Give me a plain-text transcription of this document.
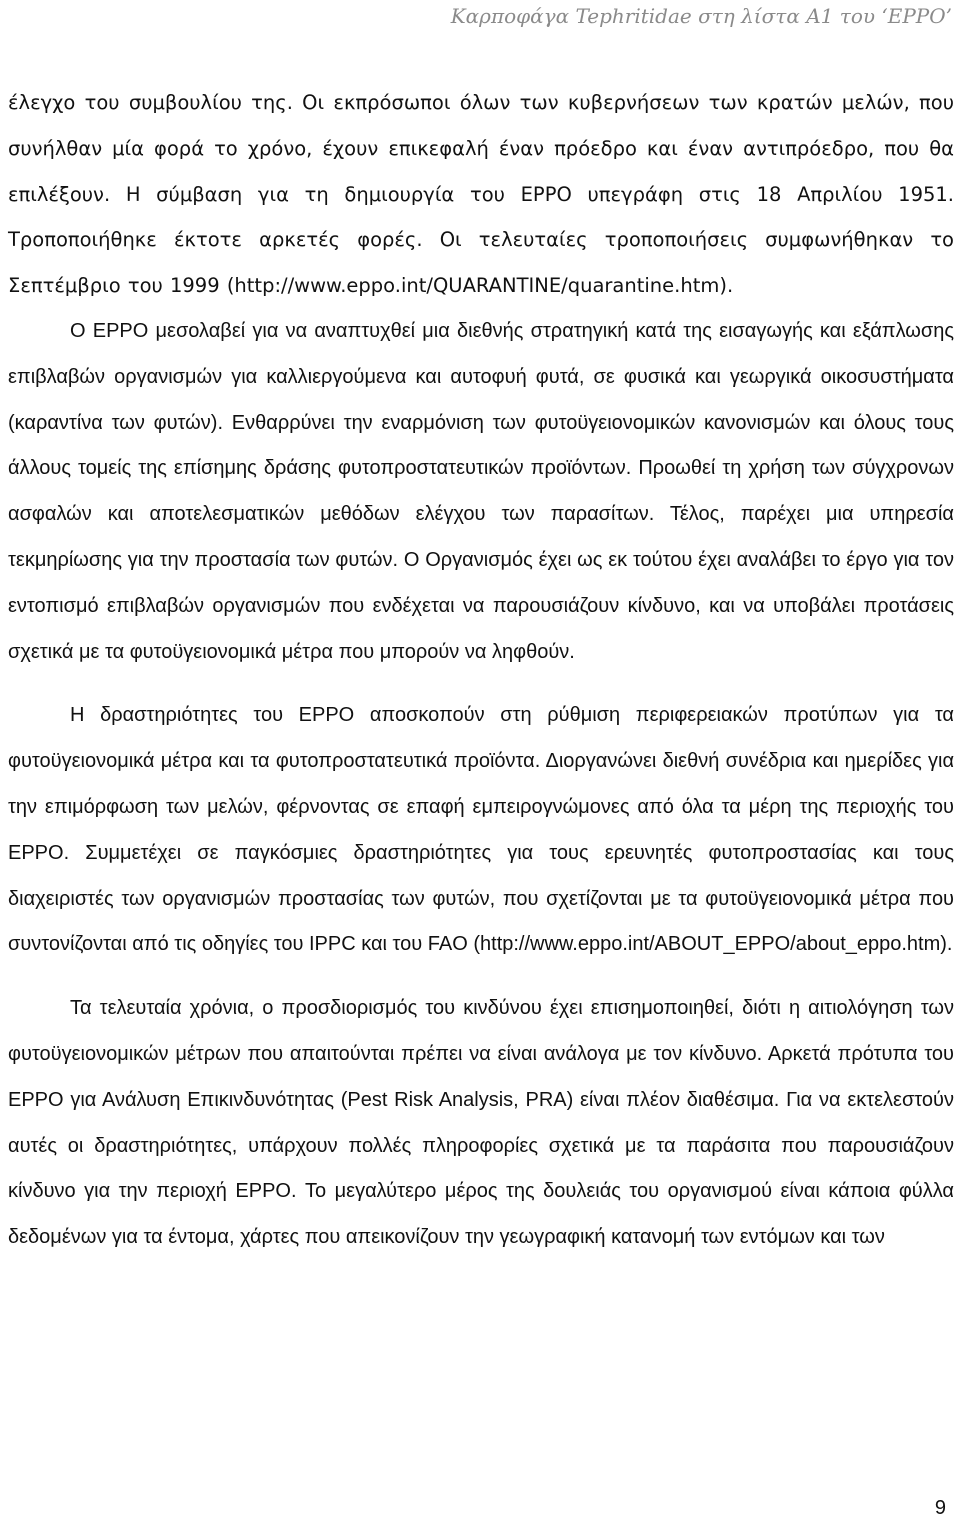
Καρποφάγα Tephritidae στη λίστα Α1 του ‘EPPO’

έλεγχο του συμβουλίου της. Οι εκπρόσωποι όλων των κυβερνήσεων των κρατών μελών, που συνήλθαν μία φορά το χρόνο, έχουν επικεφαλή έναν πρόεδρο και έναν αντιπρόεδρο, που θα επιλέξουν. Η σύμβαση για τη δημιουργία του EPPO υπεγράφη στις 18 Απριλίου 1951. Τροποποιήθηκε έκτοτε αρκετές φορές. Οι τελευταίες τροποποιήσεις συμφωνήθηκαν το Σεπτέμβριο του 1999 (http://www.eppo.int/QUARANTINE/quarantine.htm).

Ο EPPO μεσολαβεί για να αναπτυχθεί μια διεθνής στρατηγική κατά της εισαγωγής και εξάπλωσης επιβλαβών οργανισμών για καλλιεργούμενα και αυτοφυή φυτά, σε φυσικά και γεωργικά οικοσυστήματα (καραντίνα των φυτών). Ενθαρρύνει την εναρμόνιση των φυτοϋγειονομικών κανονισμών και όλους τους άλλους τομείς της επίσημης δράσης φυτοπροστατευτικών προϊόντων. Προωθεί τη χρήση των σύγχρονων ασφαλών και αποτελεσματικών μεθόδων ελέγχου των παρασίτων. Τέλος, παρέχει μια υπηρεσία τεκμηρίωσης για την προστασία των φυτών. Ο Οργανισμός έχει ως εκ τούτου έχει αναλάβει το έργο για τον εντοπισμό επιβλαβών οργανισμών που ενδέχεται να παρουσιάζουν κίνδυνο, και να υποβάλει προτάσεις σχετικά με τα φυτοϋγειονομικά μέτρα που μπορούν να ληφθούν.

Η δραστηριότητες του EPPO αποσκοπούν στη ρύθμιση περιφερειακών προτύπων για τα φυτοϋγειονομικά μέτρα και τα φυτοπροστατευτικά προϊόντα. Διοργανώνει διεθνή συνέδρια και ημερίδες για την επιμόρφωση των μελών, φέρνοντας σε επαφή εμπειρογνώμονες από όλα τα μέρη της περιοχής του EPPO. Συμμετέχει σε παγκόσμιες δραστηριότητες για τους ερευνητές φυτοπροστασίας και τους διαχειριστές των οργανισμών προστασίας των φυτών, που σχετίζονται με τα φυτοϋγειονομικά μέτρα που συντονίζονται από τις οδηγίες του IPPC και του FAO (http://www.eppo.int/ABOUT_EPPO/about_eppo.htm).

Τα τελευταία χρόνια, ο προσδιορισμός του κινδύνου έχει επισημοποιηθεί, διότι η αιτιολόγηση των φυτοϋγειονομικών μέτρων που απαιτούνται πρέπει να είναι ανάλογα με τον κίνδυνο. Αρκετά πρότυπα του EPPO για Ανάλυση Επικινδυνότητας (Pest Risk Analysis, PRA) είναι πλέον διαθέσιμα. Για να εκτελεστούν αυτές οι δραστηριότητες, υπάρχουν πολλές πληροφορίες σχετικά με τα παράσιτα που παρουσιάζουν κίνδυνο για την περιοχή EPPO. Το μεγαλύτερο μέρος της δουλειάς του οργανισμού είναι κάποια φύλλα δεδομένων για τα έντομα, χάρτες που απεικονίζουν την γεωγραφική κατανομή των εντόμων και των

9
